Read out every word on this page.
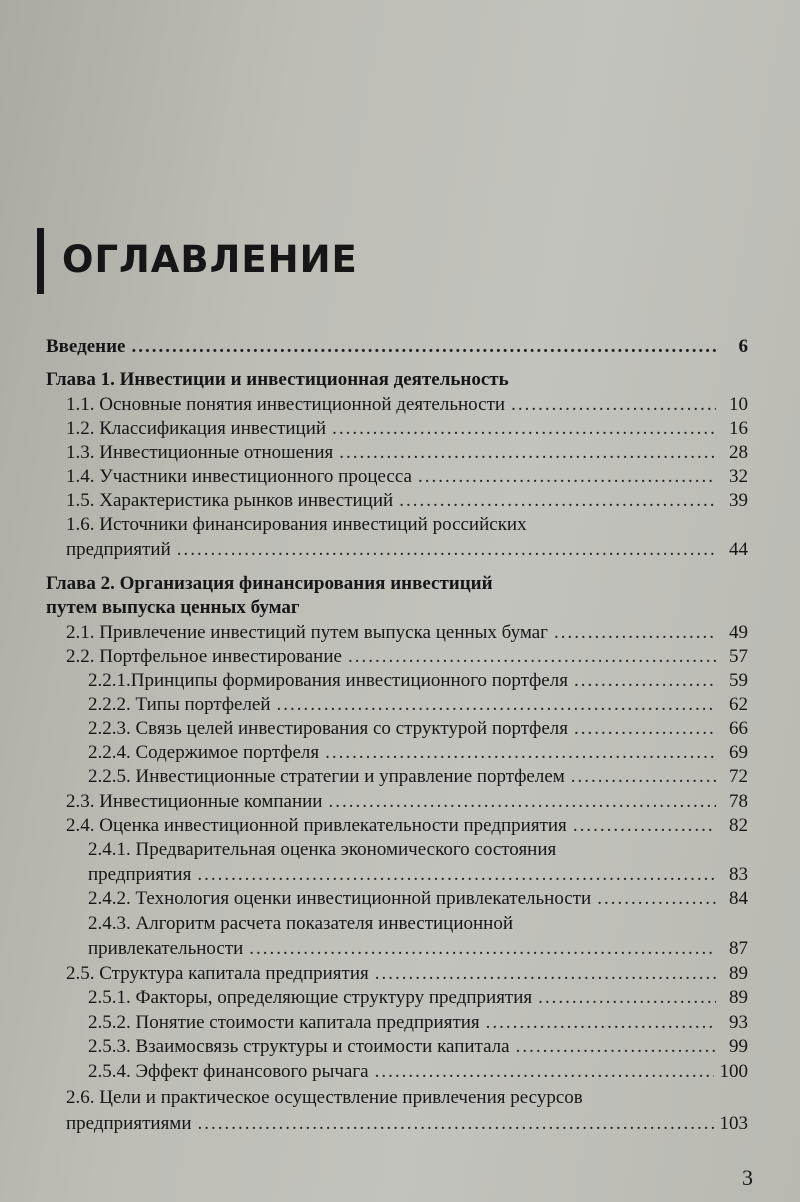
ОГЛАВЛЕНИЕ
Введение .....	6
Глава 1. Инвестиции и инвестиционная деятельность
1.1. Основные понятия инвестиционной деятельности .....	10
1.2. Классификация инвестиций .....	16
1.3. Инвестиционные отношения .....	28
1.4. Участники инвестиционного процесса .....	32
1.5. Характеристика рынков инвестиций .....	39
1.6. Источники финансирования инвестиций российских
предприятий .....	44
Глава 2. Организация финансирования инвестиций
путем выпуска ценных бумаг
2.1. Привлечение инвестиций путем выпуска ценных бумаг .....	49
2.2. Портфельное инвестирование .....	57
2.2.1.Принципы формирования инвестиционного портфеля .....	59
2.2.2. Типы портфелей .....	62
2.2.3. Связь целей инвестирования со структурой портфеля .....	66
2.2.4. Содержимое портфеля .....	69
2.2.5. Инвестиционные стратегии и управление портфелем .....	72
2.3. Инвестиционные компании .....	78
2.4. Оценка инвестиционной привлекательности предприятия .....	82
2.4.1. Предварительная оценка экономического состояния
предприятия .....	83
2.4.2. Технология оценки инвестиционной привлекательности .....	84
2.4.3. Алгоритм расчета показателя инвестиционной
привлекательности .....	87
2.5. Структура капитала предприятия .....	89
2.5.1. Факторы, определяющие структуру предприятия .....	89
2.5.2. Понятие стоимости капитала предприятия .....	93
2.5.3. Взаимосвязь структуры и стоимости капитала .....	99
2.5.4. Эффект финансового рычага .....	100
2.6. Цели и практическое осуществление привлечения ресурсов
предприятиями .....	103
3
